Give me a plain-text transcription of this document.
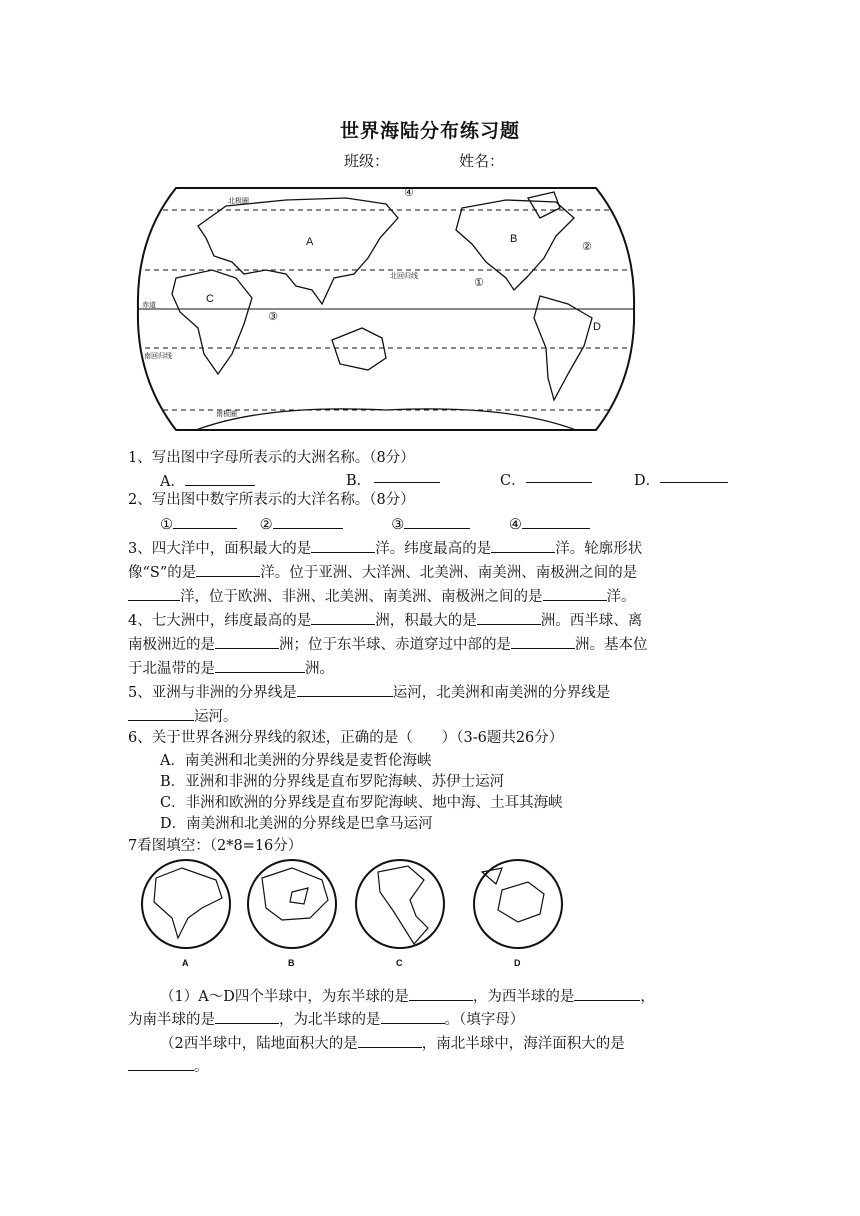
世界海陆分布练习题
班级：	姓名：
A	B
C
D
④
②
①
③
北极圈
北回归线
赤道
南回归线
南极圈
1、写出图中字母所表示的大洲名称。（8分）
A．	B．	C．	D．
2、写出图中数字所表示的大洋名称。（8分）
①	②	③	④
3、四大洋中，面积最大的是	洋。纬度最高的是	洋。轮廓形状
像“S”的是	洋。位于亚洲、大洋洲、北美洲、南美洲、南极洲之间的是
洋，位于欧洲、非洲、北美洲、南美洲、南极洲之间的是	洋。
4、七大洲中，纬度最高的是	洲，积最大的是	洲。西半球、离
南极洲近的是	洲；位于东半球、赤道穿过中部的是	洲。基本位
于北温带的是	洲。
5、亚洲与非洲的分界线是	运河，北美洲和南美洲的分界线是
运河。
6、关于世界各洲分界线的叙述，正确的是（　　）（3-6题共26分）
A．南美洲和北美洲的分界线是麦哲伦海峡
B．亚洲和非洲的分界线是直布罗陀海峡、苏伊士运河
C．非洲和欧洲的分界线是直布罗陀海峡、地中海、土耳其海峡
D．南美洲和北美洲的分界线是巴拿马运河
7看图填空：（2*8=16分）
A	B	C	D
（1）A～D四个半球中，为东半球的是	，为西半球的是	，
为南半球的是	，为北半球的是	。（填字母）
（2西半球中，陆地面积大的是	，南北半球中，海洋面积大的是
。
